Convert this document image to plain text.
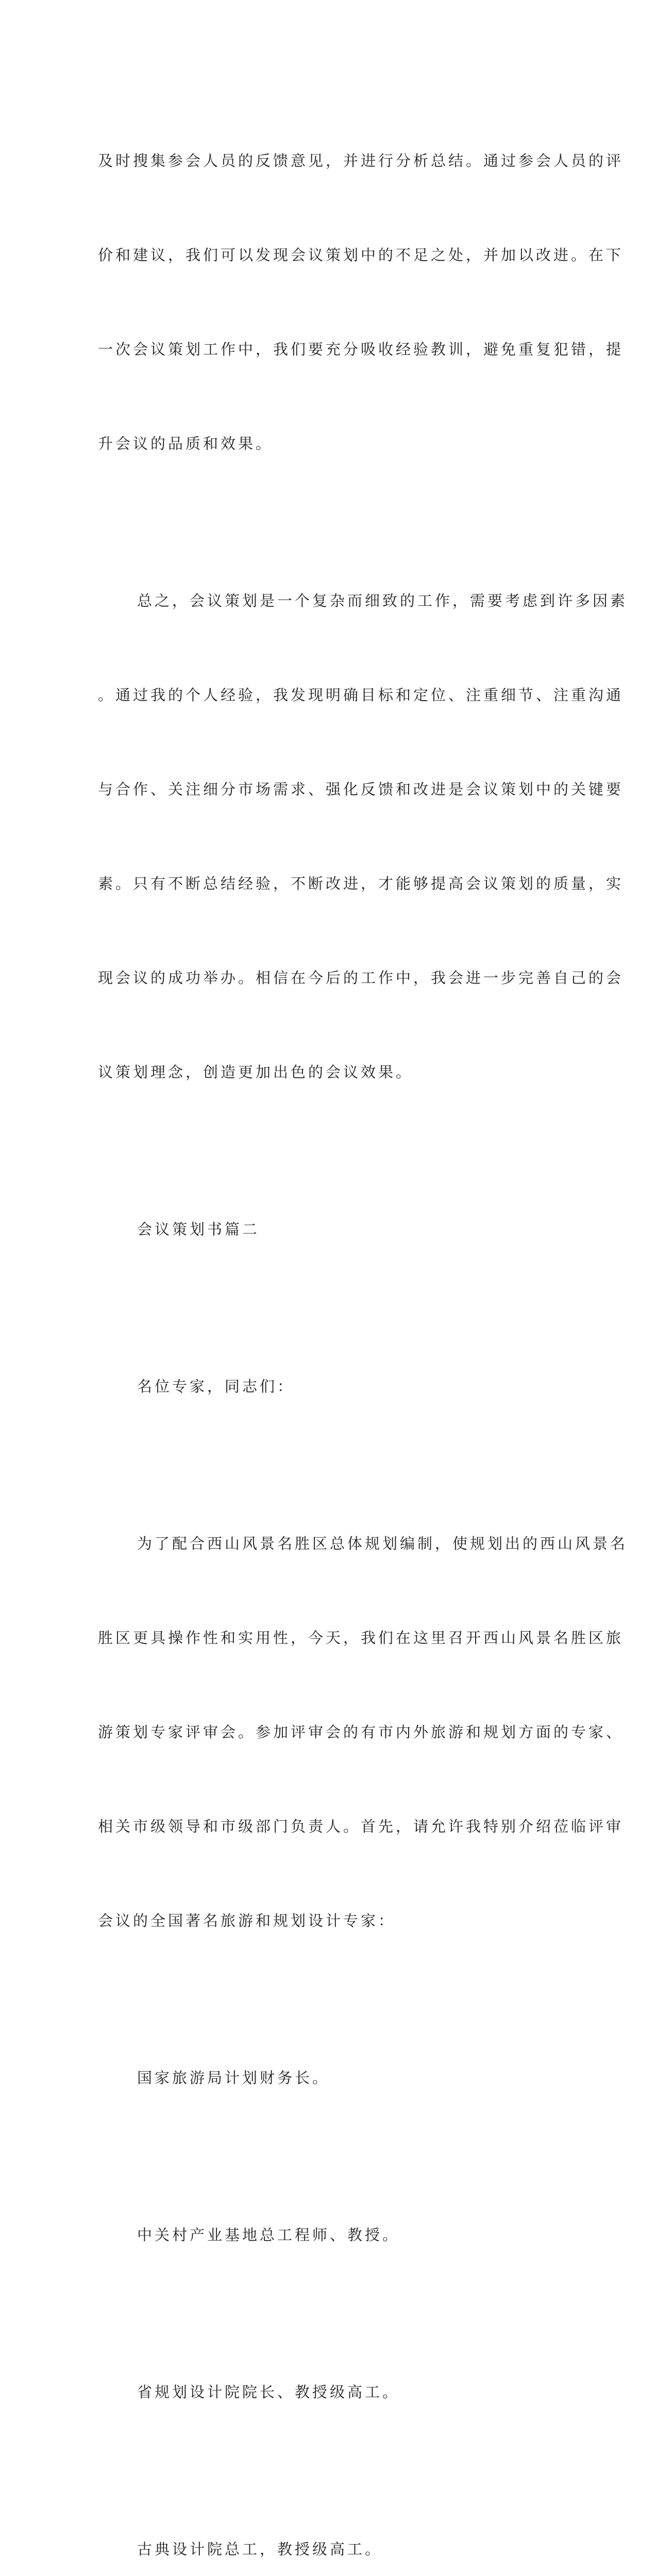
及时搜集参会人员的反馈意见，并进行分析总结。通过参会人员的评

价和建议，我们可以发现会议策划中的不足之处，并加以改进。在下

一次会议策划工作中，我们要充分吸收经验教训，避免重复犯错，提

升会议的品质和效果。

总之，会议策划是一个复杂而细致的工作，需要考虑到许多因素

。通过我的个人经验，我发现明确目标和定位、注重细节、注重沟通

与合作、关注细分市场需求、强化反馈和改进是会议策划中的关键要

素。只有不断总结经验，不断改进，才能够提高会议策划的质量，实

现会议的成功举办。相信在今后的工作中，我会进一步完善自己的会

议策划理念，创造更加出色的会议效果。

会议策划书篇二

名位专家，同志们：

为了配合西山风景名胜区总体规划编制，使规划出的西山风景名

胜区更具操作性和实用性，今天，我们在这里召开西山风景名胜区旅

游策划专家评审会。参加评审会的有市内外旅游和规划方面的专家、

相关市级领导和市级部门负责人。首先，请允许我特别介绍莅临评审

会议的全国著名旅游和规划设计专家：

国家旅游局计划财务长。

中关村产业基地总工程师、教授。

省规划设计院院长、教授级高工。

古典设计院总工，教授级高工。
